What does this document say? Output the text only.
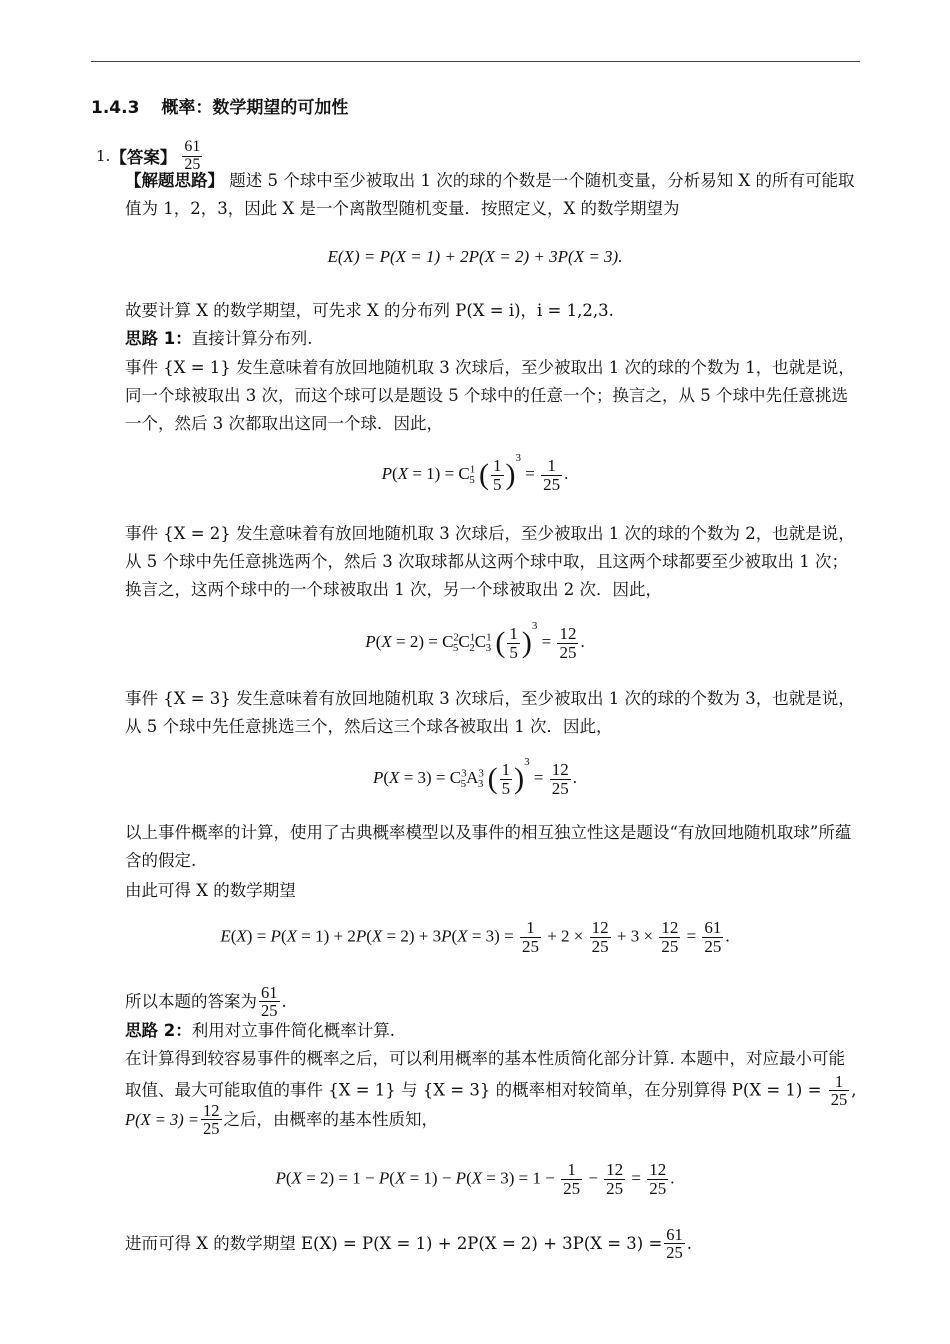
1.4.3 概率：数学期望的可加性
1. 【答案】 $\frac{61}{25}$
【解题思路】 题述 5 个球中至少被取出 1 次的球的个数是一个随机变量，分析易知 X 的所有可能取值为 1，2，3，因此 X 是一个离散型随机变量．按照定义，X 的数学期望为
E(X) = P(X = 1) + 2P(X = 2) + 3P(X = 3).
故要计算 X 的数学期望，可先求 X 的分布列 P(X = i)，i = 1,2,3.
思路 1：直接计算分布列.
事件 {X = 1} 发生意味着有放回地随机取 3 次球后，至少被取出 1 次的球的个数为 1，也就是说，同一个球被取出 3 次，而这个球可以是题设 5 个球中的任意一个；换言之，从 5 个球中先任意挑选一个，然后 3 次都取出这同一个球．因此，
$P(X = 1) = C^1_5$ ( $\frac{1}{5} )^3 = \frac{1}{25}$ .
事件 {X = 2} 发生意味着有放回地随机取 3 次球后，至少被取出 1 次的球的个数为 2，也就是说，从 5 个球中先任意挑选两个，然后 3 次取球都从这两个球中取，且这两个球都要至少被取出 1 次；换言之，这两个球中的一个球被取出 1 次，另一个球被取出 2 次．因此，
$P(X = 2) = C^2_5C^1_2C^1_3$ ( $\frac{1}{5} )^3 = \frac{12}{25}$ .
事件 {X = 3} 发生意味着有放回地随机取 3 次球后，至少被取出 1 次的球的个数为 3，也就是说，从 5 个球中先任意挑选三个，然后这三个球各被取出 1 次．因此，
$P(X = 3) = C^3_5A^3_3$ ( $\frac{1}{5} )^3 = \frac{12}{25}$ .
以上事件概率的计算，使用了古典概率模型以及事件的相互独立性这是题设“有放回地随机取球”所蕴含的假定.
由此可得 X 的数学期望
$E(X) = P(X = 1) + 2P(X = 2) + 3P(X = 3) = \frac{1}{25} + 2 \times \frac{12}{25} + 3 \times \frac{12}{25} = \frac{61}{25}$ .
所以本题的答案为 $\frac{61}{25}$ .
思路 2：利用对立事件简化概率计算.
在计算得到较容易事件的概率之后，可以利用概率的基本性质简化部分计算. 本题中，对应最小可能取值、最大可能取值的事件 {X = 1} 与 {X = 3} 的概率相对较简单，在分别算得 $P(X = 1) = \frac{1}{25}$ ,
$P(X = 3) = \frac{12}{25}$ 之后，由概率的基本性质知，
$P(X = 2) = 1 - P(X = 1) - P(X = 3) = 1 - \frac{1}{25} - \frac{12}{25} = \frac{12}{25}$ .
进而可得 X 的数学期望 $E(X) = P(X = 1) + 2P(X = 2) + 3P(X = 3) = \frac{61}{25}$ .
